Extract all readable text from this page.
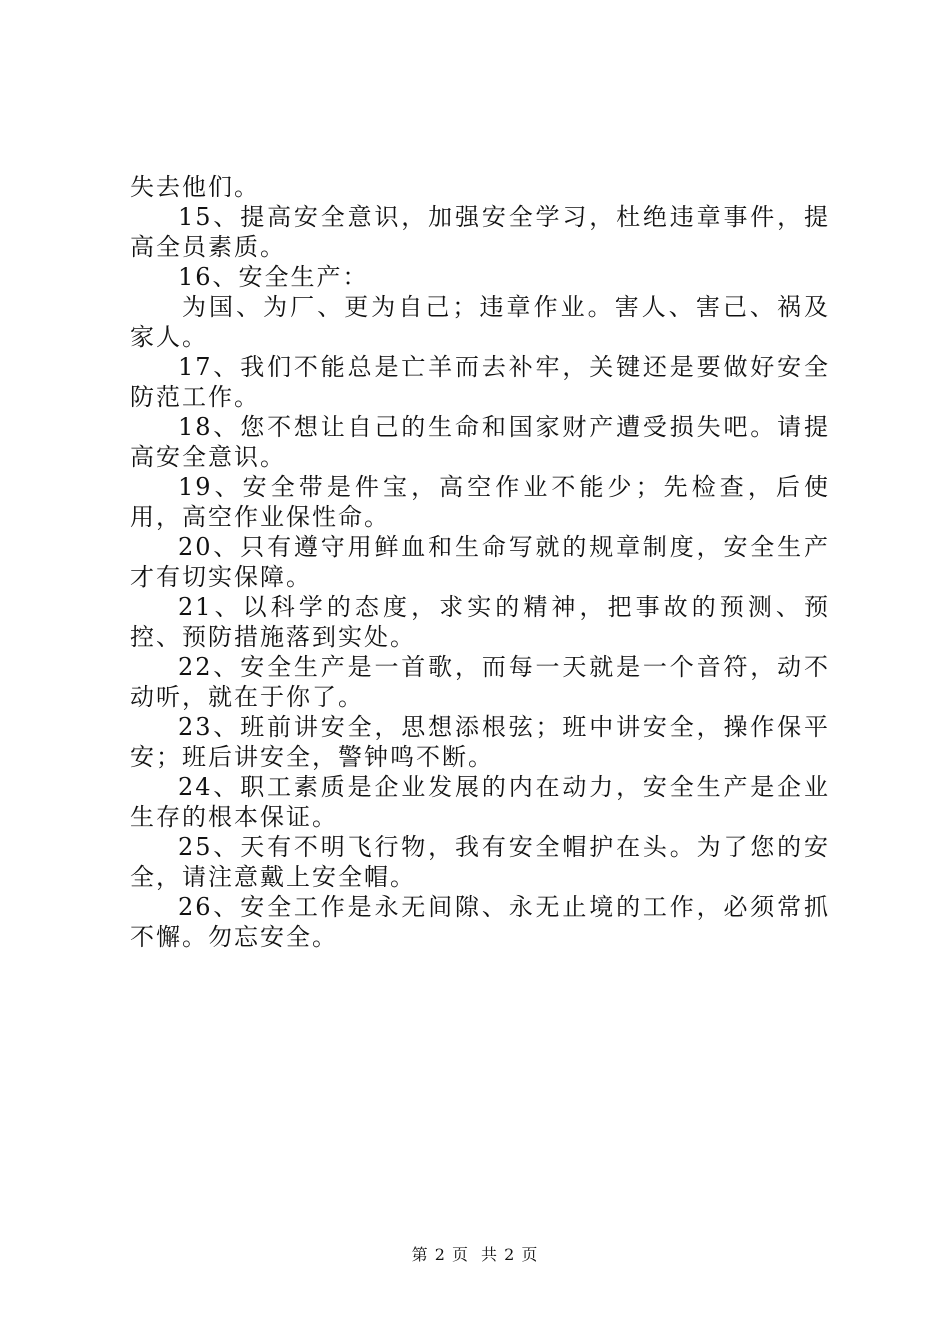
失去他们。

15、提高安全意识，加强安全学习，杜绝违章事件，提高全员素质。

16、安全生产：

为国、为厂、更为自己；违章作业。害人、害己、祸及家人。

17、我们不能总是亡羊而去补牢，关键还是要做好安全防范工作。

18、您不想让自己的生命和国家财产遭受损失吧。请提高安全意识。

19、安全带是件宝，高空作业不能少；先检查，后使用，高空作业保性命。

20、只有遵守用鲜血和生命写就的规章制度，安全生产才有切实保障。

21、以科学的态度，求实的精神，把事故的预测、预控、预防措施落到实处。

22、安全生产是一首歌，而每一天就是一个音符，动不动听，就在于你了。

23、班前讲安全，思想添根弦；班中讲安全，操作保平安；班后讲安全，警钟鸣不断。

24、职工素质是企业发展的内在动力，安全生产是企业生存的根本保证。

25、天有不明飞行物，我有安全帽护在头。为了您的安全，请注意戴上安全帽。

26、安全工作是永无间隙、永无止境的工作，必须常抓不懈。勿忘安全。

第 2 页 共 2 页
